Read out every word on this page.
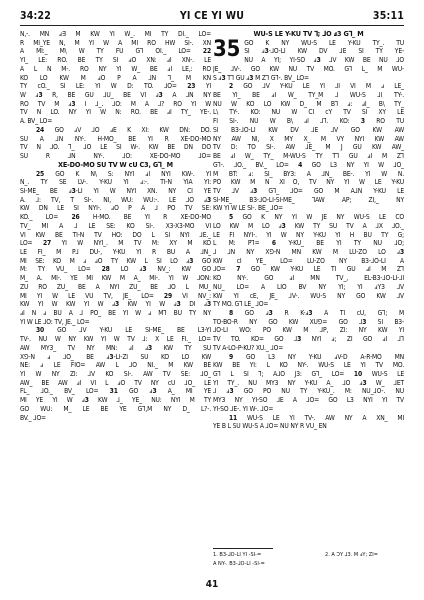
34:22	YI CE YI WU	35:11
N,-. MN ⅎ∃ M KW YI W_. MI TY DI._ LO=
R MI_YE N, M YI W A MI RO HW SI-. XN
A MI:_ M\ W TY FU G⅂ OI._ LO= 22
YI_ LE: RO. BE TY SI ⅎO XN: ⅎI XN-. LE
A L N M-. RO NY YI W_ BE ⅎI LE,: RO
KO LO KW M ⅎO P A ⅃N ⅂_ M KN
TY ⅽO._ SI LE: YI W D: TO. ⅃O= 23 YI
W ⅎ3 R, BE GU ⅃U_ BE VI ⅎ3 A ⅃N NY
RO TV M ⅎ3 I ⅃_. ⅃O: M A ⅃? RO YI W
TV N LO. NY YI W N: RO. BE ⅎI TY_ YE-.
A. BV_ LO=
24 GO ⅎV ⅃O ⅎE K XI: KW DN: DO.
SU A ⅃N NY-. H-MO_ BE YI R XE-DO-MO
TV N ⅃O. ⅂_ ⅃O LE SI W-. KW BE DN DO
SU R ⅃N NY-. ⅃O: XE-DO-MO ⅃O=
XE-DO-MO SU TV W ⅽU C3, G⅂_ M
25 GO K N\ S: NYI ⅎI NYI KW-. YI
N_. TY SE LV-. Y-KU YI ⅎ:-. TI-N YIA YI:
SI-ME_ BE ⅎ3-LI YI W NYI XN. NY CI YE
A. ⅃: TV, T SI-. NI, WU: WU:-. LE ⅃O ⅎ3
KW DN LE SI NYI-. ⅎO P A ⅃ PO TV SE:
KO._ LO= 26 H-MO. BE YI R XE-DO-MO
TV_ MI A ⅃ LE SE: KO SI-. X3-X3-MO VI
VI KW BE TI-N TV HO: DO L SI NYI ⅃E._
LO= 27 YI W NYI_. M TV M: XY M KO
LE FI_ M P⅃ DU-, Y-KU YI R BU A ⅃N_
MI SE: KO M ⅎ ⅎO TY KW L SI LO ⅎ3 GO
M: TY VU_ LO= 28 LO ⅎ3 NV_: KW GO
M_ A. MI-. YE MI KW M A_ MI-. YI W ⅃ON:
ZU RO ZU_ BE A NYI ZU_ BE ⅃O L MU_
MI YI W LE VU TV, JE_ LO= 29 VI NV_:
KW YI W KW YI W ⅎ3 KW YI W ⅎ3 DI ⅎ3
ⅎI N ⅎ BU A ⅃ PO_ BE YI W ⅎ M⅂ BU TY NY
YI W LE ⅃O: TV, JE._ LO=
30 GO ⅃V Y-KU LE SI-ME_ BE L3-YI
TV-. NU W NY KW YI W TV ⅃: X LE FI._ LO=
AW MY3_ TV NY MN: ⅎI ⅎ3 KW TY SU
X⅁-N ⅎ ⅃O_ BE ⅎ3-LI-ZI SU KO LO KW
NE: ⅎ LE FIO= AW L ⅃O NI._ M KW BE
YI W NY ZI: ⅃V KO SI-. AW TV SE: ⅃O_
AW_ BE AW ⅎI VI L ⅎO TV NY ⅽU ⅃O_ LE
FL_ ⅃O._ BV_ LO= 31 GO ⅎ3 A_ MI YE
MI YE YI W ⅎ3 KW ⅃_ YE_ NU: NYI M TY
GO WU: M_ LE BE YE G⅂,M NY D_ L?-.
BV._ ⅃O=
WU-S LE Y-KU TV ⅂; ⅃O ⅎ3 G⅂_ M
35 GO K NY WU-S LE Y-KU TY_. TU
SI ⅎ3-⅃O-LI KW DV ⅃E SI TY YE-
NU A YI; YI-SO ⅎ3 ⅃V KW BE NU ⅃O
JE_ ⅃V-. GO KW NU TV MO. G⅂ L_ M WU-
S ⅎ3 T⅂ GU ⅎ3 M Z⅂ G⅂-. BV_ LO=
2 GO ⅃V Y-KU LE YI ⅃I VI M ⅎ LE_
BE YI_ BE ⅎI W_ TY_M ⅃ WU-S ⅃I TY-.
NU W KO LO KW D_ M B⅂ ⅎ: ⅎI_ B\ TY_
L\ TY-. KO: NU W CI ⅽY TV SI XY LE
FI SI-. NU W B\ ⅎI ⅃⅂. KO: 3 RO TU
SI B3-⅃O-LI KW DV ⅃E ⅃V GO KW AW
NY AW NI, X MY X_ M VY NYI KW AW
TV D: TO SI-. AW ⅃E_ M J GU KW AW_
BE ⅎI W_ TY_ M-WU-S TY T⅂ GU ⅎI M Z⅂
G⅂-. ⅃O._ BV._ LO= 4 GO L3 NY YI W ⅃O_
M BT: ⅎ: SI_ BY3: A ⅃N_ BE-. YI W N.
PO KW M N ⅪO, TV NY YI W LE Y-KU
TV ⅃V ⅎ3 G⅂_ ⅃O= GO M A⅃N Y-KU LE
SI-ME_ B3-⅃O-LI-SI-ME_ ⅂AW AP; ZI,_ NY
KW YI W LE SI-. BE_ ⅃O=
5 GO K NY YI W JE NY WU-S LE CO
LO KW M LO ⅎ3 KW TY SU TV A ⅃X ⅃O._
LE FI NYI-. YI W NY Y-KU YI H BU TY G;
L M: P⅂= 6 Y-KU_ BE YI TY NU ⅃O;
⅃ ⅃N NY X⅁-N MN KW M LU-ZO LO ⅎ3
KW ⅽI YE_ LO= LU-ZO NY B3-⅃O-LI A
⅃O= 7 GO KW Y-KU LE TI GU ⅎI M Z⅂
KO NY-. GO ⅎI MN TV_, EL-B3-⅃O-LI-⅃I
NU_ LO= A LIO BV NY YI; YI ⅎY3 ⅃V
KW YI ⅽE, JE_ ⅃V-. WU-S NY GO KW ⅃V
TY MO. G⅂ LE_ ⅃O=
8 GO ⅎ3 R K-ⅎ3 A TI ⅽU, G⅂; M
TO-BO-R NY GO KW XU⅁= GO ⅃3 SI B3-
⅃O-LI WO: PO KW M ⅃P, ZI: NY KW YI
TV TO. KO= GO ⅃3 NYI ⅎ; ZI GO ⅎI ⅃⅂
TV A-LO-P-KU? XU._ ⅃O=
9 GO L3 NY Y-KU ⅎV-D A-R-MO MN
KW BE YI: L KO NY-. WU-S LE YI TV MO.
G⅂ L SI ⅂; A⅃O J3: G⅂_ LO= 10 WU-S LE
YI TY_. NU MY3 NY Y-KU A_ ⅃O ⅎ3 W_ ⅃ET
⅃ ⅎ3 GO PO NU TY Y-KU_. M: NU_⅃O-. NU
MY3 NY YI-SO ⅃E A ⅃O= GO L3 NYI YI TV
YI-SO ⅃E-. YI W-. ⅃O=
11 WU-S LE YI TV-. AW NY A XN_ MI
YE B L SU WU-S A ⅃O= NU NY R VU_ EN
1. B3-⅃O-LI YI -SI-=	2. A ƆY ⅃3. M ⅎY; ZI=
A NY-. B3-⅃O-LI -SI-=
41
